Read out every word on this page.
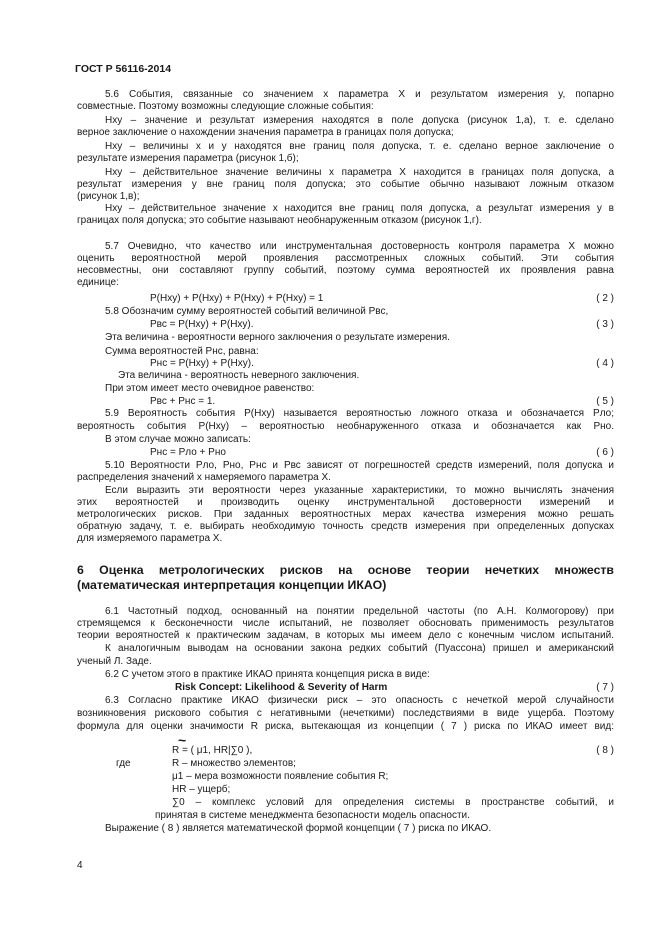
ГОСТ Р 56116-2014

5.6 События, связанные со значением x параметра X и результатом измерения y, попарно

совместные. Поэтому возможны следующие сложные события:

Hxy – значение и результат измерения находятся в поле допуска (рисунок 1,а), т. е. сделано

верное заключение о нахождении значения параметра в границах поля допуска;

Hxy – величины x и y находятся вне границ поля допуска, т. е. сделано верное заключение о

результате измерения параметра (рисунок 1,б);

Hxy – действительное значение величины x параметра X находится в границах поля допуска, а

результат измерения y вне границ поля допуска; это событие обычно называют ложным отказом

(рисунок 1,в);

Hxy – действительное значение x находится вне границ поля допуска, а результат измерения y в

границах поля допуска; это событие называют необнаруженным отказом (рисунок 1,г).

5.7 Очевидно, что качество или инструментальная достоверность контроля параметра X можно

оценить вероятностной мерой проявления рассмотренных сложных событий. Эти события

несовместны, они составляют группу событий, поэтому сумма вероятностей их проявления равна

единице:

P(Hxy) + P(Hxy) + P(Hxy) + P(Hxy) = 1	( 2 )

5.8 Обозначим сумму вероятностей событий величиной Pвс,

Pвс = P(Hxy) + P(Hxy).	( 3 )

Эта величина - вероятности верного заключения о результате измерения.

Сумма вероятностей Pнс, равна:

Pнс = P(Hxy) + P(Hxy).	( 4 )

Эта величина - вероятность неверного заключения.

При этом имеет место очевидное равенство:

Pвс + Pнс = 1.	( 5 )

5.9 Вероятность события P(Hxy) называется вероятностью ложного отказа и обозначается Pло;

вероятность события P(Hxy) – вероятностью необнаруженного отказа и обозначается как Pно.

В этом случае можно записать:

Pнс = Pло + Pно	( 6 )

5.10 Вероятности Pло, Pно, Pнс и Pвс зависят от погрешностей средств измерений, поля допуска и

распределения значений x намеряемого параметра X.

Если выразить эти вероятности через указанные характеристики, то можно вычислять значения

этих вероятностей и производить оценку инструментальной достоверности измерений и

метрологических рисков. При заданных вероятностных мерах качества измерения можно решать

обратную задачу, т. е. выбирать необходимую точность средств измерения при определенных допусках

для измеряемого параметра X.

6 Оценка метрологических рисков на основе теории нечетких множеств

(математическая интерпретация концепции ИКАО)

6.1 Частотный подход, основанный на понятии предельной частоты (по А.Н. Колмогорову) при

стремящемся к бесконечности числе испытаний, не позволяет обосновать применимость результатов

теории вероятностей к практическим задачам, в которых мы имеем дело с конечным числом испытаний.

К аналогичным выводам на основании закона редких событий (Пуассона) пришел и американский

ученый Л. Заде.

6.2 С учетом этого в практике ИКАО принята концепция риска в виде:

Risk Concept: Likelihood & Severity of Harm	( 7 )

6.3 Согласно практике ИКАО физически риск – это опасность с нечеткой мерой случайности

возникновения рискового события с негативными (нечеткими) последствиями в виде ущерба. Поэтому

формула для оценки значимости R риска, вытекающая из концепции ( 7 ) риска по ИКАО имеет вид:

~

R = ( μ1, HR|∑0 ),	( 8 )

где	R – множество элементов;

μ1 – мера возможности появление события R;

HR – ущерб;

∑0 – комплекс условий для определения системы в пространстве событий, и

принятая в системе менеджмента безопасности модель опасности.

Выражение ( 8 ) является математической формой концепции ( 7 ) риска по ИКАО.

4
